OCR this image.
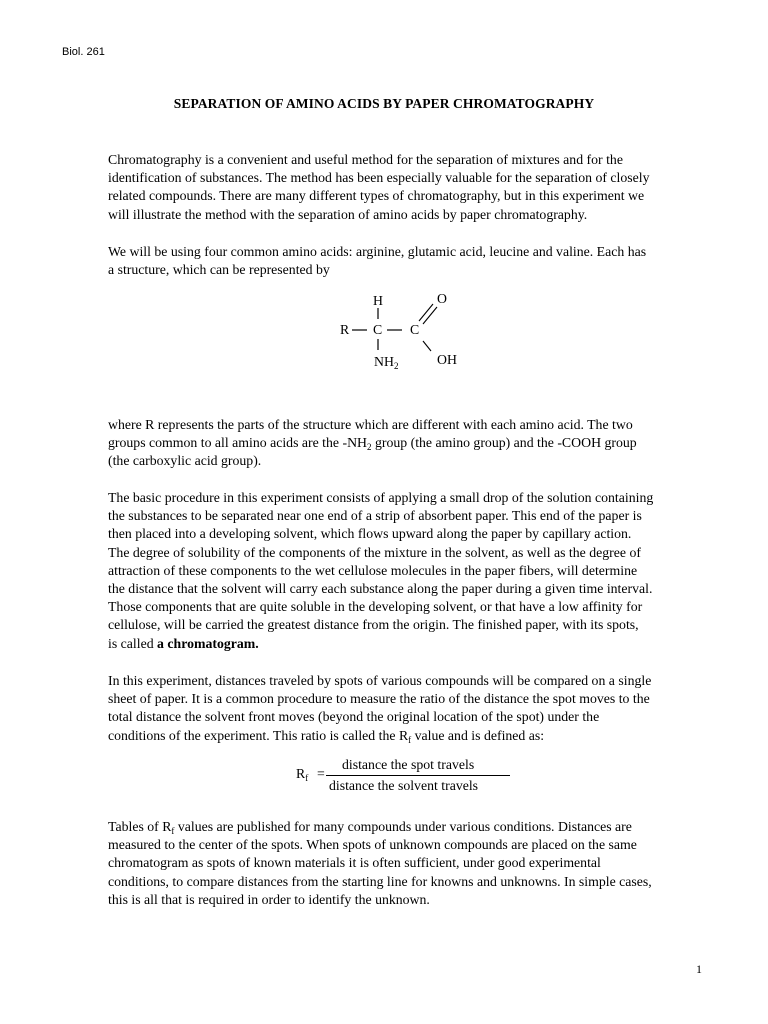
Biol. 261
SEPARATION OF AMINO ACIDS BY PAPER CHROMATOGRAPHY

Chromatography is a convenient and useful method for the separation of mixtures and for the
identification of substances. The method has been especially valuable for the separation of closely
related compounds. There are many different types of chromatography, but in this experiment we
will illustrate the method with the separation of amino acids by paper chromatography.

We will be using four common amino acids: arginine, glutamic acid, leucine and valine. Each has
a structure, which can be represented by

H	O
R C C
$NH_2$	OH

where R represents the parts of the structure which are different with each amino acid. The two
groups common to all amino acids are the $-NH_2$ group (the amino group) and the -COOH group
(the carboxylic acid group).

The basic procedure in this experiment consists of applying a small drop of the solution containing
the substances to be separated near one end of a strip of absorbent paper. This end of the paper is
then placed into a developing solvent, which flows upward along the paper by capillary action.
The degree of solubility of the components of the mixture in the solvent, as well as the degree of
attraction of these components to the wet cellulose molecules in the paper fibers, will determine
the distance that the solvent will carry each substance along the paper during a given time interval.
Those components that are quite soluble in the developing solvent, or that have a low affinity for
cellulose, will be carried the greatest distance from the origin. The finished paper, with its spots,
is called a chromatogram.

In this experiment, distances traveled by spots of various compounds will be compared on a single
sheet of paper. It is a common procedure to measure the ratio of the distance the spot moves to the
total distance the solvent front moves (beyond the original location of the spot) under the
conditions of the experiment. This ratio is called the $R_f$ value and is defined as:

$R_f$ =
distance the spot travels
distance the solvent travels

Tables of $R_f$ values are published for many compounds under various conditions. Distances are
measured to the center of the spots. When spots of unknown compounds are placed on the same
chromatogram as spots of known materials it is often sufficient, under good experimental
conditions, to compare distances from the starting line for knowns and unknowns. In simple cases,
this is all that is required in order to identify the unknown.

1
